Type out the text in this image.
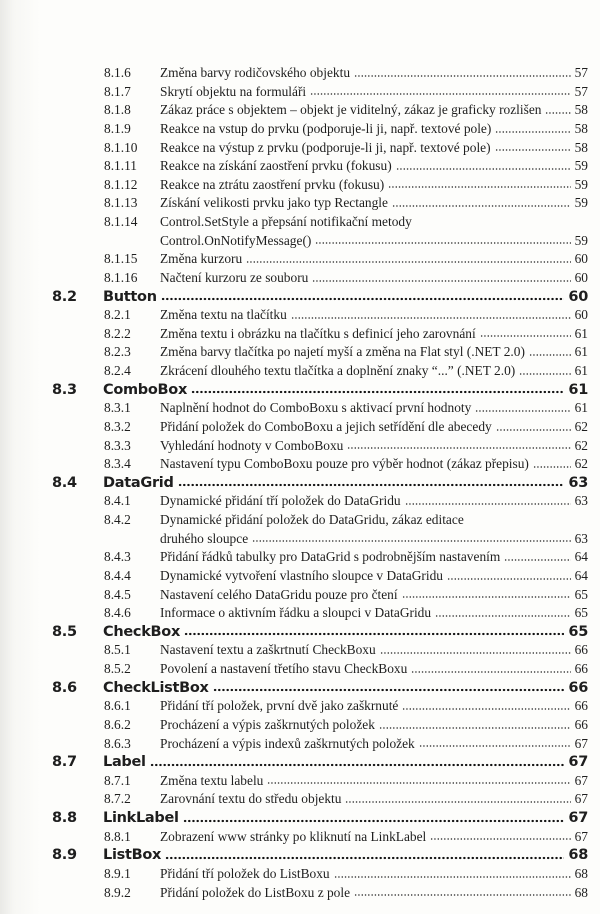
8.1.6 Změna barvy rodičovského objektu	57
8.1.7 Skrytí objektu na formuláři	57
8.1.8 Zákaz práce s objektem – objekt je viditelný, zákaz je graficky rozlišen 58
8.1.9 Reakce na vstup do prvku (podporuje-li ji, např. textové pole)	58
8.1.10 Reakce na výstup z prvku (podporuje-li ji, např. textové pole)	58
8.1.11 Reakce na získání zaostření prvku (fokusu)	59
8.1.12 Reakce na ztrátu zaostření prvku (fokusu)	59
8.1.13 Získání velikosti prvku jako typ Rectangle	59
8.1.14 Control.SetStyle a přepsání notifikační metody
Control.OnNotifyMessage()	59
8.1.15 Změna kurzoru	60
8.1.16 Načtení kurzoru ze souboru	60
8.2 Button	60
8.2.1 Změna textu na tlačítku	60
8.2.2 Změna textu i obrázku na tlačítku s definicí jeho zarovnání	61
8.2.3 Změna barvy tlačítka po najetí myší a změna na Flat styl (.NET 2.0)	61
8.2.4 Zkrácení dlouhého textu tlačítka a doplnění znaky “...” (.NET 2.0)	61
8.3 ComboBox	61
8.3.1 Naplnění hodnot do ComboBoxu s aktivací první hodnoty	61
8.3.2 Přidání položek do ComboBoxu a jejich setřídění dle abecedy	62
8.3.3 Vyhledání hodnoty v ComboBoxu	62
8.3.4 Nastavení typu ComboBoxu pouze pro výběr hodnot (zákaz přepisu)	62
8.4 DataGrid	63
8.4.1 Dynamické přidání tří položek do DataGridu	63
8.4.2 Dynamické přidání položek do DataGridu, zákaz editace
druhého sloupce	63
8.4.3 Přidání řádků tabulky pro DataGrid s podrobnějším nastavením	64
8.4.4 Dynamické vytvoření vlastního sloupce v DataGridu	64
8.4.5 Nastavení celého DataGridu pouze pro čtení	65
8.4.6 Informace o aktivním řádku a sloupci v DataGridu	65
8.5 CheckBox	65
8.5.1 Nastavení textu a zaškrtnutí CheckBoxu	66
8.5.2 Povolení a nastavení třetího stavu CheckBoxu	66
8.6 CheckListBox	66
8.6.1 Přidání tří položek, první dvě jako zaškrnuté	66
8.6.2 Procházení a výpis zaškrnutých položek	66
8.6.3 Procházení a výpis indexů zaškrnutých položek	67
8.7 Label	67
8.7.1 Změna textu labelu	67
8.7.2 Zarovnání textu do středu objektu	67
8.8 LinkLabel	67
8.8.1 Zobrazení www stránky po kliknutí na LinkLabel	67
8.9 ListBox	68
8.9.1 Přidání tří položek do ListBoxu	68
8.9.2 Přidání položek do ListBoxu z pole	68
